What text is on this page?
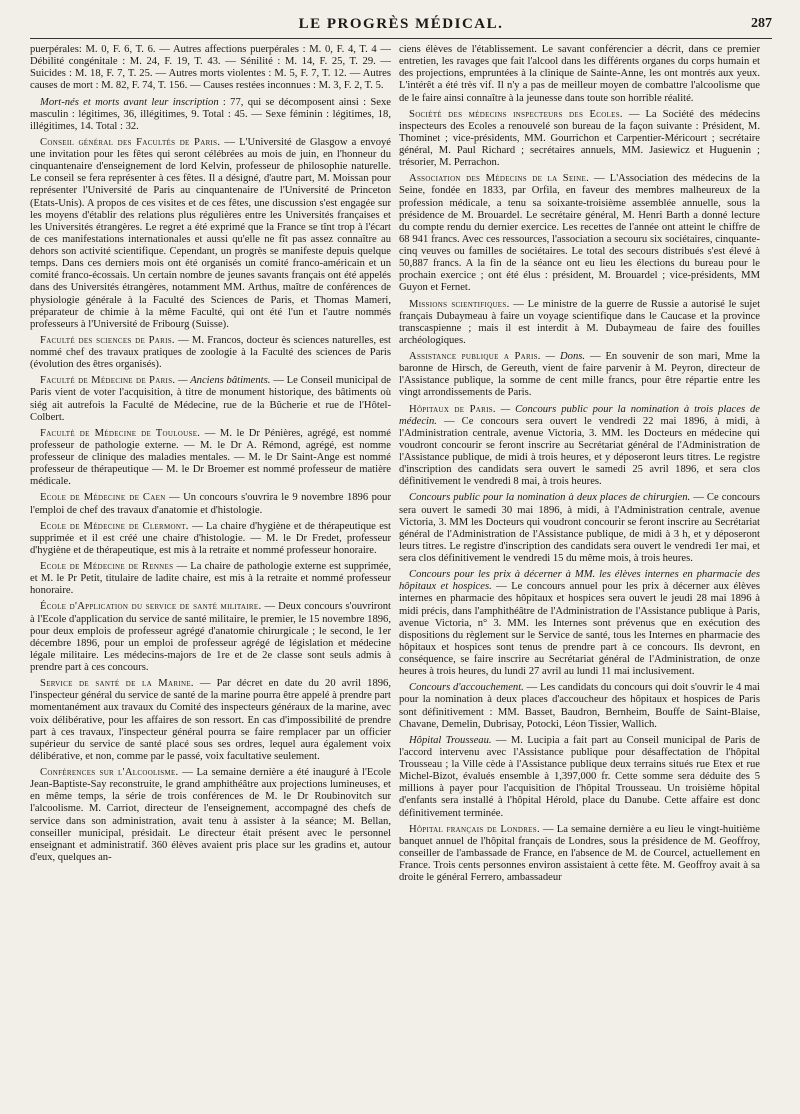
LE PROGRÈS MÉDICAL.	287

puerpérales: M. 0, F. 6, T. 6. — Autres affections puerpérales : M. 0, F. 4, T. 4 — Débilité congénitale : M. 24, F. 19, T. 43. — Sénilité : M. 14, F. 25, T. 29. — Suicides : M. 18, F. 7, T. 25. — Autres morts violentes : M. 5, F. 7, T. 12. — Autres causes de mort : M. 82, F. 74, T. 156. — Causes restées inconnues : M. 3, F. 2, T. 5.

Mort-nés et morts avant leur inscription : 77, qui se décomposent ainsi : Sexe masculin : légitimes, 36, illégitimes, 9. Total : 45. — Sexe féminin : légitimes, 18, illégitimes, 14. Total : 32.

Conseil général des Facultés de Paris. — L'Université de Glasgow a envoyé une invitation pour les fêtes qui seront célébrées au mois de juin, en l'honneur du cinquantenaire d'enseignement de lord Kelvin, professeur de philosophie naturelle. Le conseil se fera représenter à ces fêtes. Il a désigné, d'autre part, M. Moissan pour représenter l'Université de Paris au cinquantenaire de l'Université de Princeton (Etats-Unis). A propos de ces visites et de ces fêtes, une discussion s'est engagée sur les moyens d'établir des relations plus régulières entre les Universités françaises et les Universités étrangères. Le regret a été exprimé que la France se tînt trop à l'écart de ces manifestations internationales et aussi qu'elle ne fît pas assez connaître au dehors son activité scientifique. Cependant, un progrès se manifeste depuis quelque temps. Dans ces derniers mois ont été organisés un comité franco-américain et un comité franco-écossais. Un certain nombre de jeunes savants français ont été appelés dans des Universités étrangères, notamment MM. Arthus, maître de conférences de physiologie générale à la Faculté des Sciences de Paris, et Thomas Mameri, préparateur de chimie à la même Faculté, qui ont été l'un et l'autre nommés professeurs à l'Université de Fribourg (Suisse).

Faculté des sciences de Paris. — M. Francos, docteur ès sciences naturelles, est nommé chef des travaux pratiques de zoologie à la Faculté des sciences de Paris (évolution des êtres organisés).

Faculté de Médecine de Paris. — Anciens bâtiments. — Le Conseil municipal de Paris vient de voter l'acquisition, à titre de monument historique, des bâtiments où siég ait autrefois la Faculté de Médecine, rue de la Bûcherie et rue de l'Hôtel-Colbert.

Faculté de Médecine de Toulouse. — M. le Dr Pénières, agrégé, est nommé professeur de pathologie externe. — M. le Dr A. Rémond, agrégé, est nomme professeur de clinique des maladies mentales. — M. le Dr Saint-Ange est nommé professeur de thérapeutique — M. le Dr Broemer est nommé professeur de matière médicale.

Ecole de Médecine de Caen — Un concours s'ouvrira le 9 novembre 1896 pour l'emploi de chef des travaux d'anatomie et d'histologie.

Ecole de Médecine de Clermont. — La chaire d'hygiène et de thérapeutique est supprimée et il est créé une chaire d'histologie. — M. le Dr Fredet, professeur d'hygiène et de thérapeutique, est mis à la retraite et nommé professeur honoraire.

Ecole de Médecine de Rennes — La chaire de pathologie externe est supprimée, et M. le Pr Petit, titulaire de ladite chaire, est mis à la retraite et nommé professeur honoraire.

École d'Application du service de santé militaire. — Deux concours s'ouvriront à l'Ecole d'application du service de santé militaire, le premier, le 15 novembre 1896, pour deux emplois de professeur agrégé d'anatomie chirurgicale ; le second, le 1er décembre 1896, pour un emploi de professeur agrégé de législation et médecine légale militaire. Les médecins-majors de 1re et de 2e classe sont seuls admis à prendre part à ces concours.

Service de santé de la Marine. — Par décret en date du 20 avril 1896, l'inspecteur général du service de santé de la marine pourra être appelé à prendre part momentanément aux travaux du Comité des inspecteurs généraux de la marine, avec voix délibérative, pour les affaires de son ressort. En cas d'impossibilité de prendre part à ces travaux, l'inspecteur général pourra se faire remplacer par un officier supérieur du service de santé placé sous ses ordres, lequel aura également voix délibérative, et non, comme par le passé, voix facultative seulement.

Conférences sur l'Alcoolisme. — La semaine dernière a été inauguré à l'Ecole Jean-Baptiste-Say reconstruite, le grand amphithéâtre aux projections lumineuses, et en même temps, la série de trois conférences de M. le Dr Roubinovitch sur l'alcoolisme. M. Carriot, directeur de l'enseignement, accompagné des chefs de service dans son administration, avait tenu à assister à la séance; M. Bellan, conseiller municipal, présidait. Le directeur était présent avec le personnel enseignant et administratif. 360 élèves avaient pris place sur les gradins et, autour d'eux, quelques an-

ciens élèves de l'établissement. Le savant conférencier a décrit, dans ce premier entretien, les ravages que fait l'alcool dans les différents organes du corps humain et des projections, empruntées à la clinique de Sainte-Anne, les ont montrés aux yeux. L'intérêt a été très vif. Il n'y a pas de meilleur moyen de combattre l'alcoolisme que de le faire ainsi connaître à la jeunesse dans toute son horrible réalité.

Société des médecins inspecteurs des Ecoles. — La Société des médecins inspecteurs des Ecoles a renouvelé son bureau de la façon suivante : Président, M. Thominet ; vice-présidents, MM. Gourrichon et Carpentier-Méricourt ; secrétaire général, M. Paul Richard ; secrétaires annuels, MM. Jasiewicz et Huguenin ; trésorier, M. Perrachon.

Association des Médecins de la Seine. — L'Association des médecins de la Seine, fondée en 1833, par Orfila, en faveur des membres malheureux de la profession médicale, a tenu sa soixante-troisième assemblée annuelle, sous la présidence de M. Brouardel. Le secrétaire général, M. Henri Barth a donné lecture du compte rendu du dernier exercice. Les recettes de l'année ont atteint le chiffre de 68 941 francs. Avec ces ressources, l'association a secouru six sociétaires, cinquante-cinq veuves ou familles de sociétaires. Le total des secours distribués s'est élevé à 50,887 francs. A la fin de la séance ont eu lieu les élections du bureau pour le prochain exercice ; ont été élus : président, M. Brouardel ; vice-présidents, MM Guyon et Fernet.

Missions scientifiques. — Le ministre de la guerre de Russie a autorisé le sujet français Dubaymeau à faire un voyage scientifique dans le Caucase et la province transcaspienne ; mais il est interdit à M. Dubaymeau de faire des fouilles archéologiques.

Assistance publique a Paris. — Dons. — En souvenir de son mari, Mme la baronne de Hirsch, de Gereuth, vient de faire parvenir à M. Peyron, directeur de l'Assistance publique, la somme de cent mille francs, pour être répartie entre les vingt arrondissements de Paris.

Hôpitaux de Paris. — Concours public pour la nomination à trois places de médecin. — Ce concours sera ouvert le vendredi 22 mai 1896, à midi, à l'Administration centrale, avenue Victoria, 3. MM. les Docteurs en médecine qui voudront concourir se feront inscrire au Secrétariat général de l'Administration de l'Assistance publique, de midi à trois heures, et y déposeront leurs titres. Le registre d'inscription des candidats sera ouvert le samedi 25 avril 1896, et sera clos définitivement le vendredi 8 mai, à trois heures.

Concours public pour la nomination à deux places de chirurgien. — Ce concours sera ouvert le samedi 30 mai 1896, à midi, à l'Administration centrale, avenue Victoria, 3. MM les Docteurs qui voudront concourir se feront inscrire au Secrétariat général de l'Administration de l'Assistance publique, de midi à 3 h, et y déposeront leurs titres. Le registre d'inscription des candidats sera ouvert le vendredi 1er mai, et sera clos définitivement le vendredi 15 du même mois, à trois heures.

Concours pour les prix à décerner à MM. les élèves internes en pharmacie des hôpitaux et hospices. — Le concours annuel pour les prix à décerner aux élèves internes en pharmacie des hôpitaux et hospices sera ouvert le jeudi 28 mai 1896 à midi précis, dans l'amphithéâtre de l'Administration de l'Assistance publique à Paris, avenue Victoria, n° 3. MM. les Internes sont prévenus que en exécution des dispositions du règlement sur le Service de santé, tous les Internes en pharmacie des hôpitaux et hospices sont tenus de prendre part à ce concours. Ils devront, en conséquence, se faire inscrire au Secrétariat général de l'Administration, de onze heures à trois heures, du lundi 27 avril au lundi 11 mai inclusivement.

Concours d'accouchement. — Les candidats du concours qui doit s'ouvrir le 4 mai pour la nomination à deux places d'accoucheur des hôpitaux et hospices de Paris sont définitivement : MM. Basset, Baudron, Bernheim, Bouffe de Saint-Blaise, Chavane, Demelin, Dubrisay, Potocki, Léon Tissier, Wallich.

Hôpital Trousseau. — M. Lucipia a fait part au Conseil municipal de Paris de l'accord intervenu avec l'Assistance publique pour désaffectation de l'hôpital Trousseau ; la Ville cède à l'Assistance publique deux terrains situés rue Etex et rue Michel-Bizot, évalués ensemble à 1,397,000 fr. Cette somme sera déduite des 5 millions à payer pour l'acquisition de l'hôpital Trousseau. Un troisième hôpital d'enfants sera installé à l'hôpital Hérold, place du Danube. Cette affaire est donc définitivement terminée.

Hôpital français de Londres. — La semaine dernière a eu lieu le vingt-huitième banquet annuel de l'hôpital français de Londres, sous la présidence de M. Geoffroy, conseiller de l'ambassade de France, en l'absence de M. de Courcel, actuellement en France. Trois cents personnes environ assistaient à cette fête. M. Geoffroy avait à sa droite le général Ferrero, ambassadeur
